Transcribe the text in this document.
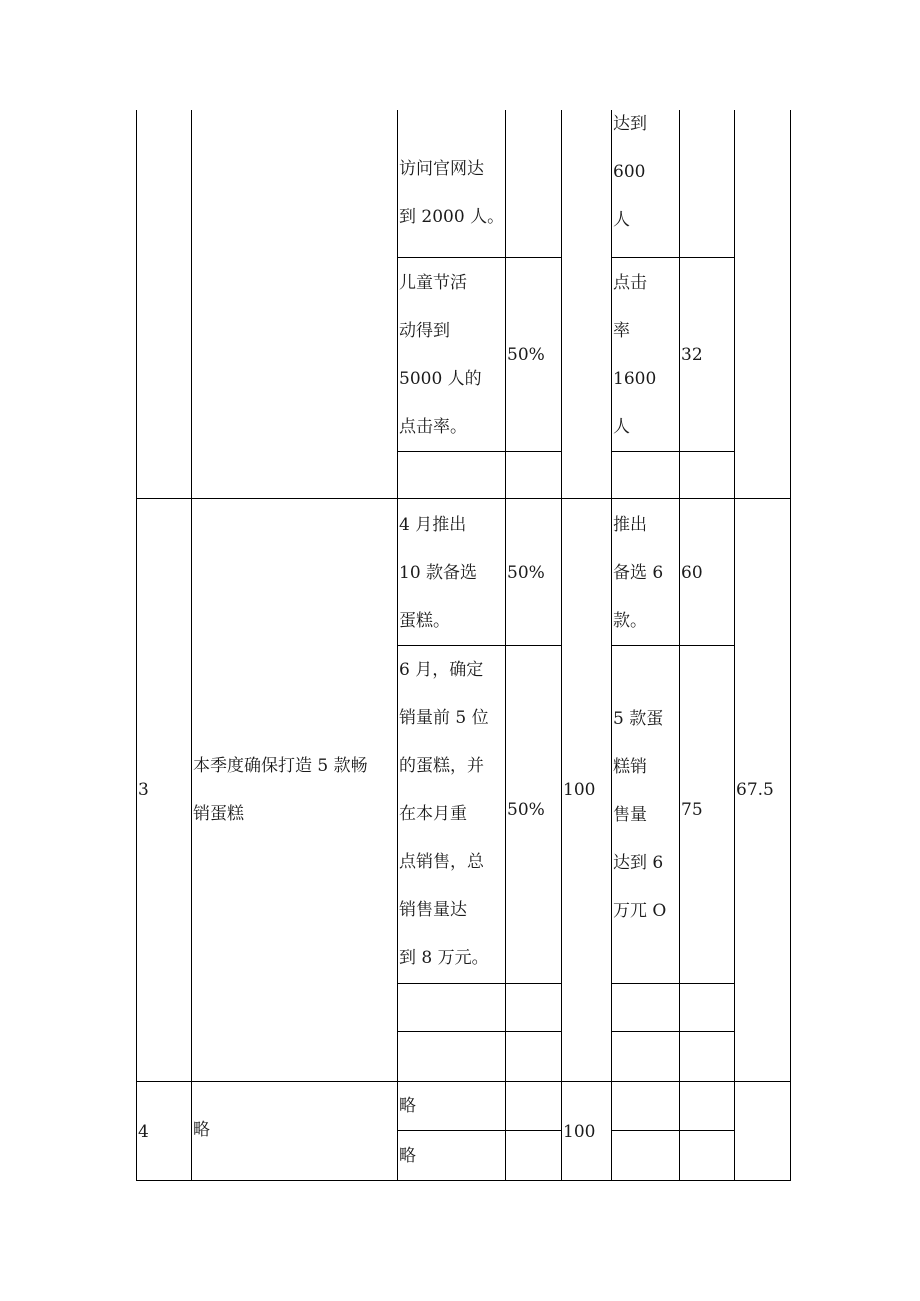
访问官网达
到 2000 人。
达到
600
人
儿童节活
动得到
5000 人的
点击率。
50%
点击
率
1600
人
32
3
本季度确保打造 5 款畅
销蛋糕
4 月推出
10 款备选
蛋糕。
50%
推出
备选 6
款。
60
6 月，确定
销量前 5 位
的蛋糕，并
在本月重
点销售，总
销售量达
到 8 万元。
50%
100
5 款蛋
糕销
售量
达到 6
万兀 O
75
67.5
4	略
略
略
100
